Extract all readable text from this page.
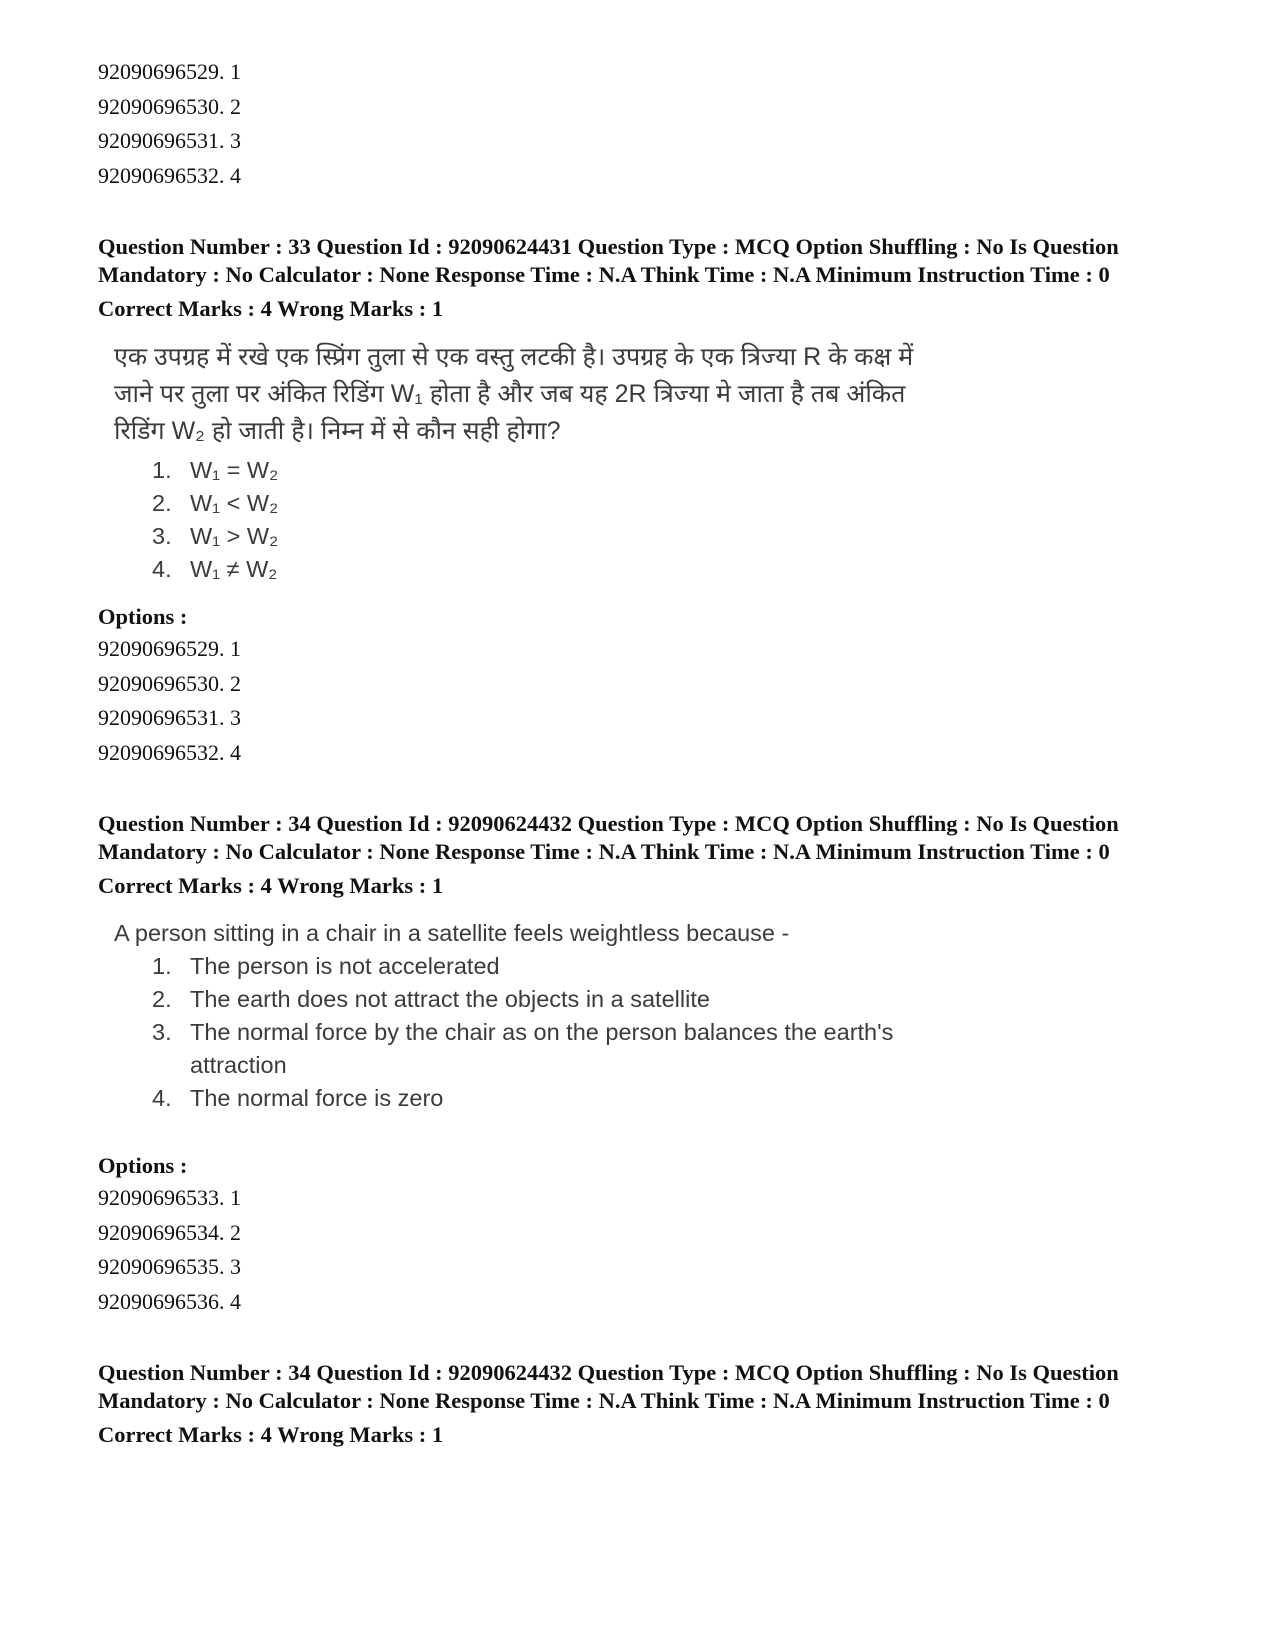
92090696529. 1
92090696530. 2
92090696531. 3
92090696532. 4
Question Number : 33 Question Id : 92090624431 Question Type : MCQ Option Shuffling : No Is Question Mandatory : No Calculator : None Response Time : N.A Think Time : N.A Minimum Instruction Time : 0
Correct Marks : 4 Wrong Marks : 1
एक उपग्रह में रखे एक स्प्रिंग तुला से एक वस्तु लटकी है। उपग्रह के एक त्रिज्या R के कक्ष में
जाने पर तुला पर अंकित रिडिंग W₁ होता है और जब यह 2R त्रिज्या मे जाता है तब अंकित
रिडिंग W₂ हो जाती है। निम्न में से कौन सही होगा?
1. W₁ = W₂
2. W₁ < W₂
3. W₁ > W₂
4. W₁ ≠ W₂
Options :
92090696529. 1
92090696530. 2
92090696531. 3
92090696532. 4
Question Number : 34 Question Id : 92090624432 Question Type : MCQ Option Shuffling : No Is Question Mandatory : No Calculator : None Response Time : N.A Think Time : N.A Minimum Instruction Time : 0
Correct Marks : 4 Wrong Marks : 1
A person sitting in a chair in a satellite feels weightless because -
1. The person is not accelerated
2. The earth does not attract the objects in a satellite
3. The normal force by the chair as on the person balances the earth's attraction
4. The normal force is zero
Options :
92090696533. 1
92090696534. 2
92090696535. 3
92090696536. 4
Question Number : 34 Question Id : 92090624432 Question Type : MCQ Option Shuffling : No Is Question Mandatory : No Calculator : None Response Time : N.A Think Time : N.A Minimum Instruction Time : 0
Correct Marks : 4 Wrong Marks : 1
